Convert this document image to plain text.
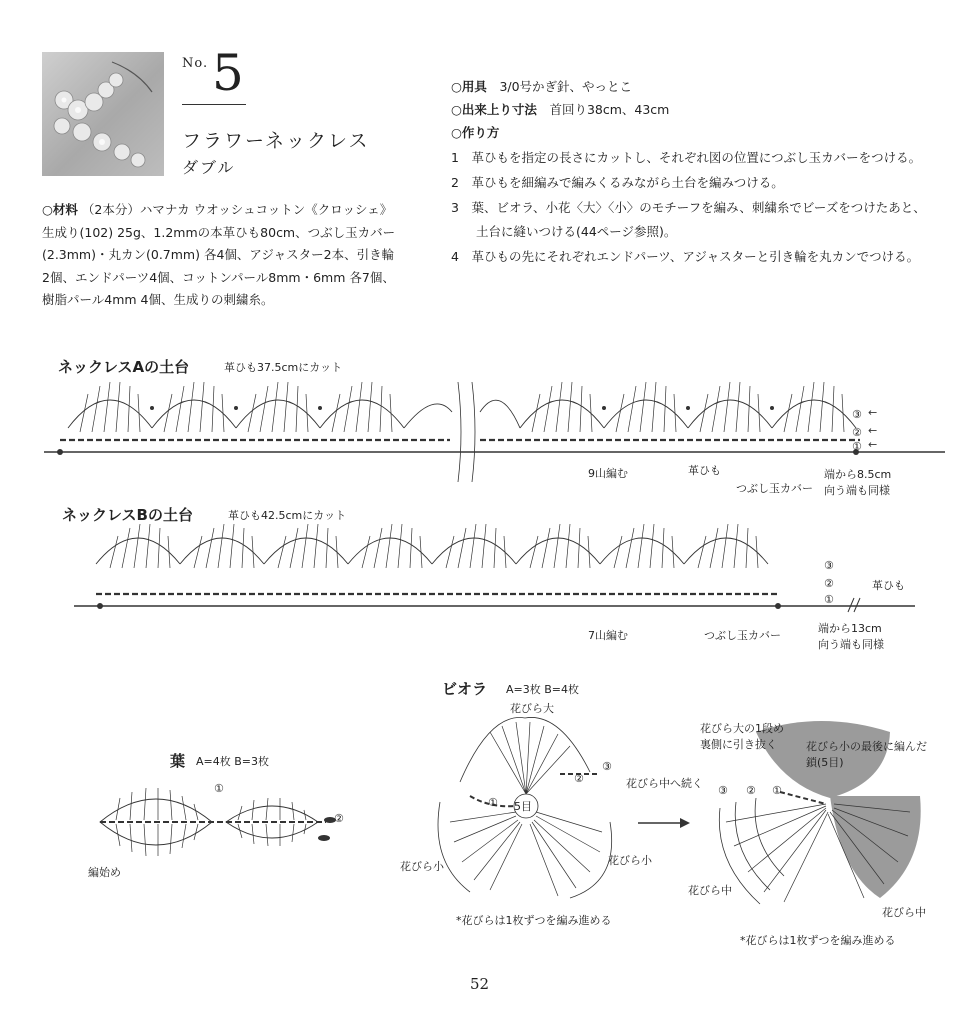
No. 5
フラワーネックレス
ダブル
○材料 （2本分）ハマナカ ウオッシュコットン《クロッシェ》生成り(102) 25g、1.2mmの本革ひも80cm、つぶし玉カバー(2.3mm)・丸カン(0.7mm) 各4個、アジャスター2本、引き輪2個、エンドパーツ4個、コットンパール8mm・6mm 各7個、樹脂パール4mm 4個、生成りの刺繍糸。
○用具　 3/0号かぎ針、やっとこ
○出来上り寸法　 首回り38cm、43cm
○作り方
1　革ひもを指定の長さにカットし、それぞれ図の位置につぶし玉カバーをつける。
2　革ひもを細編みで編みくるみながら土台を編みつける。
3　葉、ビオラ、小花〈大〉〈小〉のモチーフを編み、刺繍糸でビーズをつけたあと、
　　土台に縫いつける(44ページ参照)。
4　革ひもの先にそれぞれエンドパーツ、アジャスターと引き輪を丸カンでつける。
ネックレスAの土台	革ひも37.5cmにカット
←
←
←
③
②
①
9山編む	革ひも
つぶし玉カバー
端から8.5cm
向う端も同様
ネックレスBの土台	革ひも42.5cmにカット
③
②
①
革ひも
7山編む	つぶし玉カバー
端から13cm
向う端も同様
葉 A=4枚 B=3枚
①
②
編始め
ビオラ A=3枚 B=4枚
花びら大
5目
①
②
③
花びら中へ続く
花びら小	花びら小
*花びらは1枚ずつを編み進める
花びら大の1段め
裏側に引き抜く	花びら小の最後に編んだ
鎖(5目)
③ ② ①
花びら中
花びら中
*花びらは1枚ずつを編み進める
52
